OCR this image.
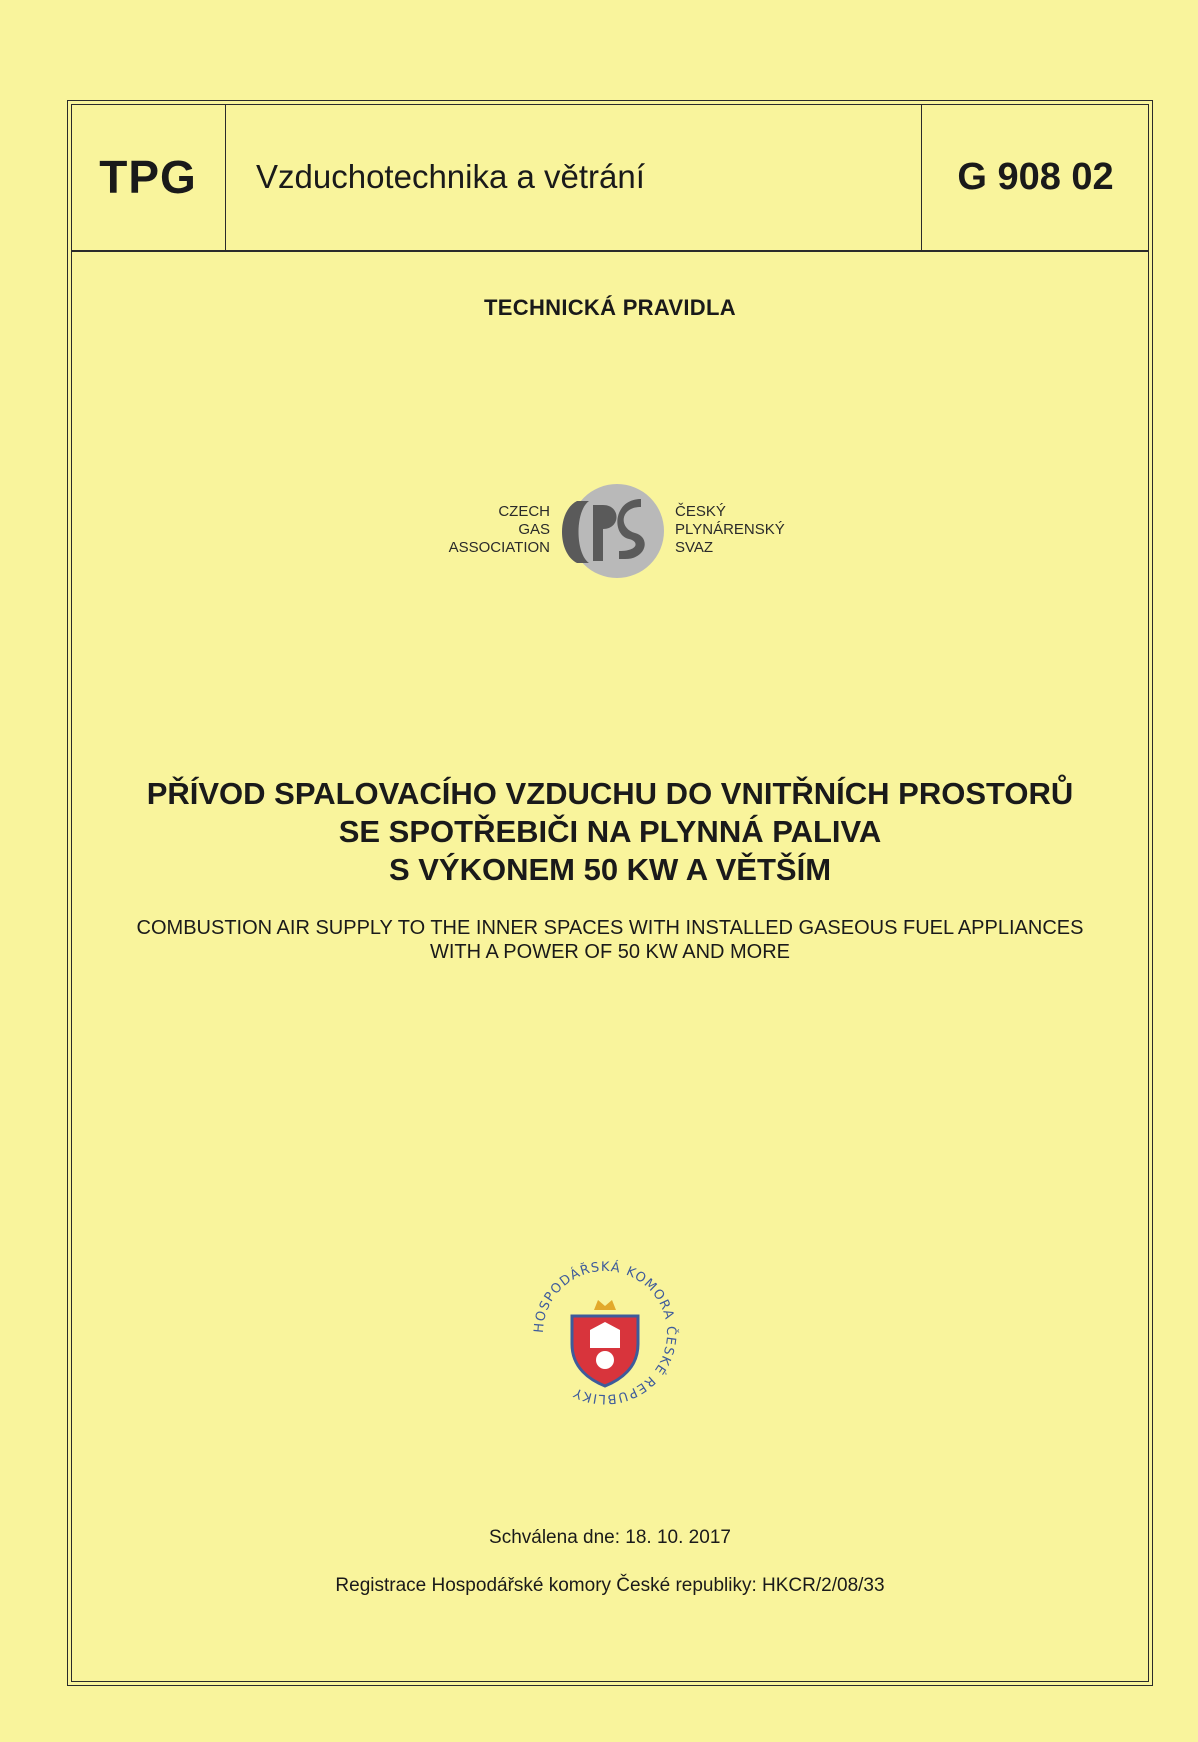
TPG	Vzduchotechnika a větrání	G 908 02
TECHNICKÁ PRAVIDLA
CZECH
GAS
ASSOCIATION
ČESKÝ
PLYNÁRENSKÝ
SVAZ
PŘÍVOD SPALOVACÍHO VZDUCHU DO VNITŘNÍCH PROSTORŮ
SE SPOTŘEBIČI NA PLYNNÁ PALIVA
S VÝKONEM 50 KW A VĚTŠÍM
COMBUSTION AIR SUPPLY TO THE INNER SPACES WITH INSTALLED GASEOUS FUEL APPLIANCES
WITH A POWER OF 50 KW AND MORE
HOSPODÁŘSKÁ KOMORA ČESKÉ REPUBLIKY
Schválena dne: 18. 10. 2017
Registrace Hospodářské komory České republiky: HKCR/2/08/33
